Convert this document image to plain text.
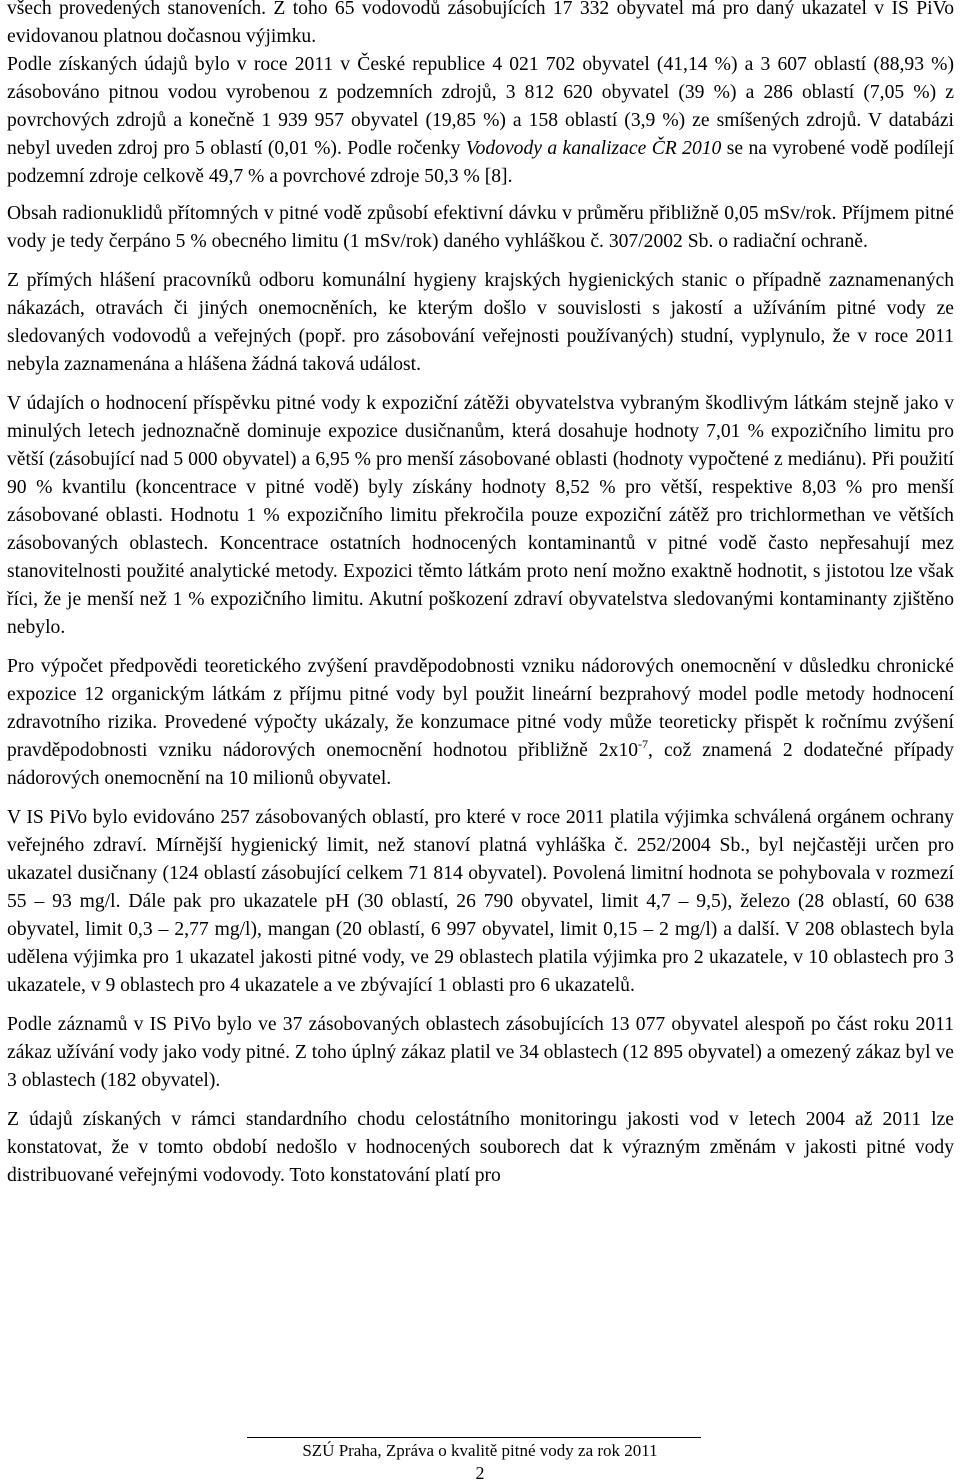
všech provedených stanoveních. Z toho 65 vodovodů zásobujících 17 332 obyvatel má pro daný ukazatel v IS PiVo evidovanou platnou dočasnou výjimku.

Podle získaných údajů bylo v roce 2011 v České republice 4 021 702 obyvatel (41,14 %) a 3 607 oblastí (88,93 %) zásobováno pitnou vodou vyrobenou z podzemních zdrojů, 3 812 620 obyvatel (39 %) a 286 oblastí (7,05 %) z povrchových zdrojů a konečně 1 939 957 obyvatel (19,85 %) a 158 oblastí (3,9 %) ze smíšených zdrojů. V databázi nebyl uveden zdroj pro 5 oblastí (0,01 %). Podle ročenky Vodovody a kanalizace ČR 2010 se na vyrobené vodě podílejí podzemní zdroje celkově 49,7 % a povrchové zdroje 50,3 % [8].

Obsah radionuklidů přítomných v pitné vodě způsobí efektivní dávku v průměru přibližně 0,05 mSv/rok. Příjmem pitné vody je tedy čerpáno 5 % obecného limitu (1 mSv/rok) daného vyhláškou č. 307/2002 Sb. o radiační ochraně.

Z přímých hlášení pracovníků odboru komunální hygieny krajských hygienických stanic o případně zaznamenaných nákazách, otravách či jiných onemocněních, ke kterým došlo v souvislosti s jakostí a užíváním pitné vody ze sledovaných vodovodů a veřejných (popř. pro zásobování veřejnosti používaných) studní, vyplynulo, že v roce 2011 nebyla zaznamenána a hlášena žádná taková událost.

V údajích o hodnocení příspěvku pitné vody k expoziční zátěži obyvatelstva vybraným škodlivým látkám stejně jako v minulých letech jednoznačně dominuje expozice dusičnanům, která dosahuje hodnoty 7,01 % expozičního limitu pro větší (zásobující nad 5 000 obyvatel) a 6,95 % pro menší zásobované oblasti (hodnoty vypočtené z mediánu). Při použití 90 % kvantilu (koncentrace v pitné vodě) byly získány hodnoty 8,52 % pro větší, respektive 8,03 % pro menší zásobované oblasti. Hodnotu 1 % expozičního limitu překročila pouze expoziční zátěž pro trichlormethan ve větších zásobovaných oblastech. Koncentrace ostatních hodnocených kontaminantů v pitné vodě často nepřesahují mez stanovitelnosti použité analytické metody. Expozici těmto látkám proto není možno exaktně hodnotit, s jistotou lze však říci, že je menší než 1 % expozičního limitu. Akutní poškození zdraví obyvatelstva sledovanými kontaminanty zjištěno nebylo.

Pro výpočet předpovědi teoretického zvýšení pravděpodobnosti vzniku nádorových onemocnění v důsledku chronické expozice 12 organickým látkám z příjmu pitné vody byl použit lineární bezprahový model podle metody hodnocení zdravotního rizika. Provedené výpočty ukázaly, že konzumace pitné vody může teoreticky přispět k ročnímu zvýšení pravděpodobnosti vzniku nádorových onemocnění hodnotou přibližně $2x10^{-7}$, což znamená 2 dodatečné případy nádorových onemocnění na 10 milionů obyvatel.

V IS PiVo bylo evidováno 257 zásobovaných oblastí, pro které v roce 2011 platila výjimka schválená orgánem ochrany veřejného zdraví. Mírnější hygienický limit, než stanoví platná vyhláška č. 252/2004 Sb., byl nejčastěji určen pro ukazatel dusičnany (124 oblastí zásobující celkem 71 814 obyvatel). Povolená limitní hodnota se pohybovala v rozmezí 55 – 93 mg/l. Dále pak pro ukazatele pH (30 oblastí, 26 790 obyvatel, limit 4,7 – 9,5), železo (28 oblastí, 60 638 obyvatel, limit 0,3 – 2,77 mg/l), mangan (20 oblastí, 6 997 obyvatel, limit 0,15 – 2 mg/l) a další. V 208 oblastech byla udělena výjimka pro 1 ukazatel jakosti pitné vody, ve 29 oblastech platila výjimka pro 2 ukazatele, v 10 oblastech pro 3 ukazatele, v 9 oblastech pro 4 ukazatele a ve zbývající 1 oblasti pro 6 ukazatelů.

Podle záznamů v IS PiVo bylo ve 37 zásobovaných oblastech zásobujících 13 077 obyvatel alespoň po část roku 2011 zákaz užívání vody jako vody pitné. Z toho úplný zákaz platil ve 34 oblastech (12 895 obyvatel) a omezený zákaz byl ve 3 oblastech (182 obyvatel).

Z údajů získaných v rámci standardního chodu celostátního monitoringu jakosti vod v letech 2004 až 2011 lze konstatovat, že v tomto období nedošlo v hodnocených souborech dat k výrazným změnám v jakosti pitné vody distribuované veřejnými vodovody. Toto konstatování platí pro

SZÚ Praha, Zpráva o kvalitě pitné vody za rok 2011
2
